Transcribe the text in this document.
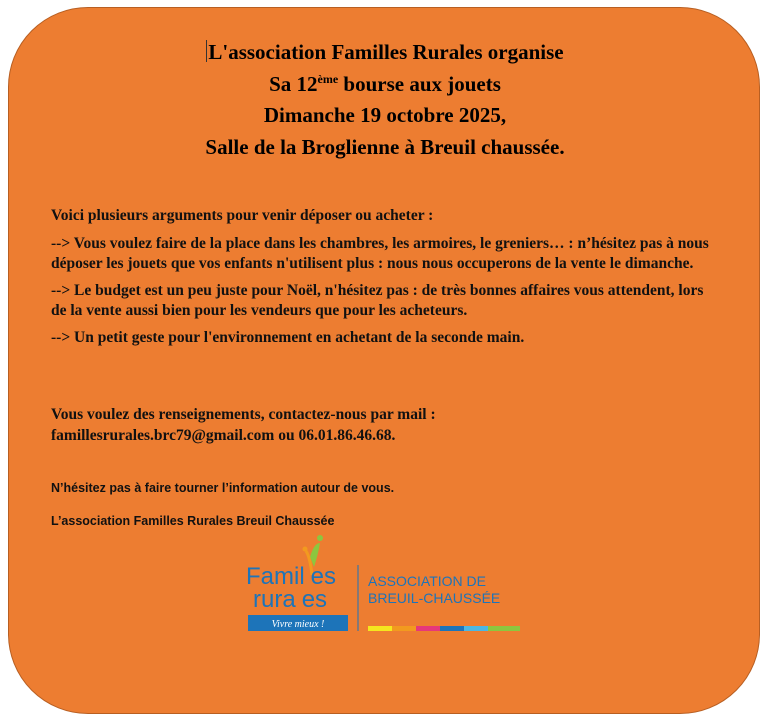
L'association Familles Rurales organise
Sa 12ème bourse aux jouets
Dimanche 19 octobre 2025,
Salle de la Broglienne à Breuil chaussée.

Voici plusieurs arguments pour venir déposer ou acheter :

--> Vous voulez faire de la place dans les chambres, les armoires, le greniers… : n’hésitez pas à nous déposer les jouets que vos enfants n'utilisent plus : nous nous occuperons de la vente le dimanche.

--> Le budget est un peu juste pour Noël, n'hésitez pas : de très bonnes affaires vous attendent, lors de la vente aussi bien pour les vendeurs que pour les acheteurs.

--> Un petit geste pour l'environnement en achetant de la seconde main.

Vous voulez des renseignements, contactez-nous par mail :

famillesrurales.brc79@gmail.com ou 06.01.86.46.68.

N’hésitez pas à faire tourner l’information autour de vous.
L’association Familles Rurales Breuil Chaussée
Famil es
rura es
Vivre mieux !
ASSOCIATION DE
BREUIL-CHAUSSÉE
